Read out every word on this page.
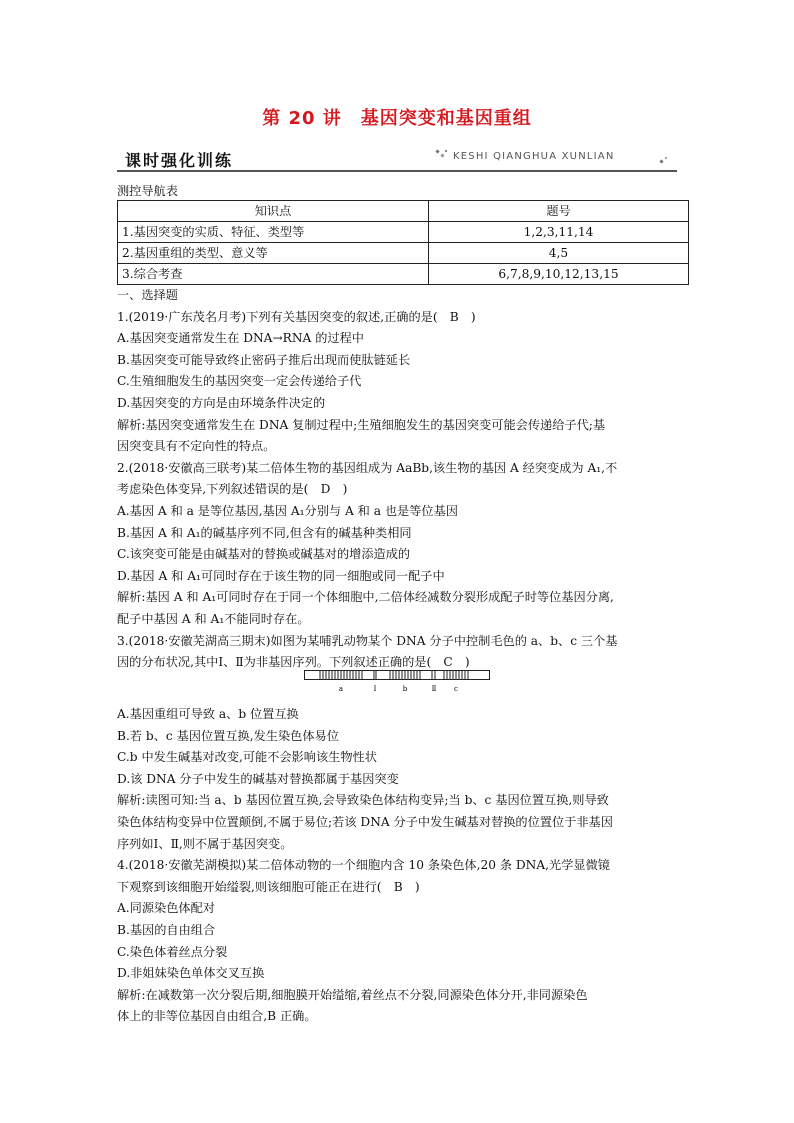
第 20 讲　基因突变和基因重组
课时强化训练	KESHI QIANGHUA XUNLIAN
测控导航表
知识点	题号
1.基因突变的实质、特征、类型等	1,2,3,11,14
2.基因重组的类型、意义等	4,5
3.综合考查	6,7,8,9,10,12,13,15
一、选择题
1.(2019·广东茂名月考)下列有关基因突变的叙述,正确的是(　B　)
A.基因突变通常发生在 DNA→RNA 的过程中
B.基因突变可能导致终止密码子推后出现而使肽链延长
C.生殖细胞发生的基因突变一定会传递给子代
D.基因突变的方向是由环境条件决定的
解析:基因突变通常发生在 DNA 复制过程中;生殖细胞发生的基因突变可能会传递给子代;基
因突变具有不定向性的特点。
2.(2018·安徽高三联考)某二倍体生物的基因组成为 AaBb,该生物的基因 A 经突变成为 A₁,不
考虑染色体变异,下列叙述错误的是(　D　)
A.基因 A 和 a 是等位基因,基因 A₁分别与 A 和 a 也是等位基因
B.基因 A 和 A₁的碱基序列不同,但含有的碱基种类相同
C.该突变可能是由碱基对的替换或碱基对的增添造成的
D.基因 A 和 A₁可同时存在于该生物的同一细胞或同一配子中
解析:基因 A 和 A₁可同时存在于同一个体细胞中,二倍体经减数分裂形成配子时等位基因分离,
配子中基因 A 和 A₁不能同时存在。
3.(2018·安徽芜湖高三期末)如图为某哺乳动物某个 DNA 分子中控制毛色的 a、b、c 三个基
因的分布状况,其中Ⅰ、Ⅱ为非基因序列。下列叙述正确的是(　C　)
a	Ⅰ	b	Ⅱ	c
A.基因重组可导致 a、b 位置互换
B.若 b、c 基因位置互换,发生染色体易位
C.b 中发生碱基对改变,可能不会影响该生物性状
D.该 DNA 分子中发生的碱基对替换都属于基因突变
解析:读图可知:当 a、b 基因位置互换,会导致染色体结构变异;当 b、c 基因位置互换,则导致
染色体结构变异中位置颠倒,不属于易位;若该 DNA 分子中发生碱基对替换的位置位于非基因
序列如Ⅰ、Ⅱ,则不属于基因突变。
4.(2018·安徽芜湖模拟)某二倍体动物的一个细胞内含 10 条染色体,20 条 DNA,光学显微镜
下观察到该细胞开始缢裂,则该细胞可能正在进行(　B　)
A.同源染色体配对
B.基因的自由组合
C.染色体着丝点分裂
D.非姐妹染色单体交叉互换
解析:在减数第一次分裂后期,细胞膜开始缢缩,着丝点不分裂,同源染色体分开,非同源染色
体上的非等位基因自由组合,B 正确。
